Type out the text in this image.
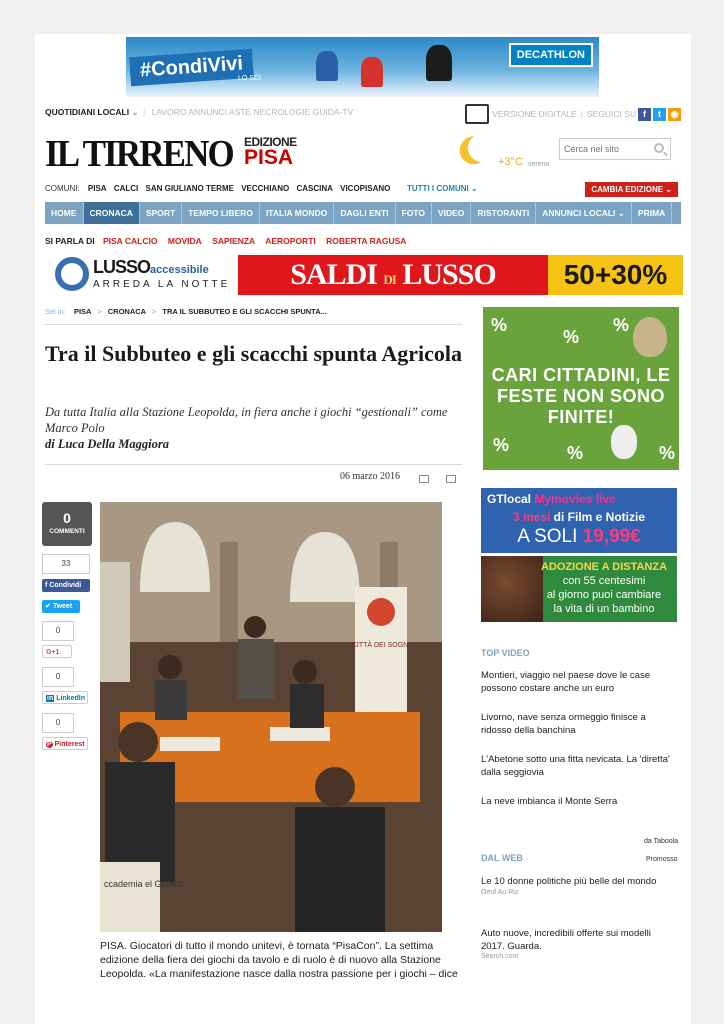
#CondiVivi
LO SCI
DECATHLON
QUOTIDIANI LOCALI ⌄ | LAVORO ANNUNCI ASTE NECROLOGIE GUIDA-TV	VERSIONE DIGITALE | SEGUICI SU f	t	◉
IL TIRRENO EDIZIONE
PISA	+3°C sereno
Cerca nel sito
COMUNI: PISA CALCI SAN GIULIANO TERME VECCHIANO CASCINA VICOPISANO TUTTI I COMUNI ⌄	CAMBIA EDIZIONE ⌄
HOME	CRONACA	SPORT	TEMPO LIBERO	ITALIA MONDO	DAGLI ENTI	FOTO	VIDEO	RISTORANTI	ANNUNCI LOCALI ⌄	PRIMA
SI PARLA DI PISA CALCIO MOVIDA SAPIENZA AEROPORTI ROBERTA RAGUSA
LUSSOaccessibile
ARREDA LA NOTTE	SALDI DI LUSSO	50+30%
Sei in: PISA > CRONACA > TRA IL SUBBUTEO E GLI SCACCHI SPUNTA...
Tra il Subbuteo e gli scacchi spunta Agricola
Da tutta Italia alla Stazione Leopolda, in fiera anche i giochi “gestionali” come Marco Polo
di Luca Della Maggiora
06 marzo 2016
0
COMMENTI
33
f Condividi ✔ Tweet
0
G+1
0
in LinkedIn
0
P Pinterest
CITTÀ DEI SOGNI
ccademia el Giuoco
PISA. Giocatori di tutto il mondo unitevi, è tornata “PisaCon”. La settima edizione della fiera dei giochi da tavolo e di ruolo è di nuovo alla Stazione Leopolda. «La manifestazione nasce dalla nostra passione per i giochi – dice
%
%
%
%	%	%
CARI CITTADINI, LE FESTE NON SONO FINITE!
GTlocal Mymovies live
3 mesi di Film e Notizie
A SOLI 19,99€
ADOZIONE A DISTANZA
con 55 centesimi
al giorno puoi cambiare
la vita di un bambino
TOP VIDEO
Montieri, viaggio nel paese dove le case possono costare anche un euro
Livorno, nave senza ormeggio finisce a ridosso della banchina
L'Abetone sotto una fitta nevicata. La 'diretta' dalla seggiovia
La neve imbianca il Monte Serra
da Taboola
DAL WEB	Promosso
Le 10 donne politiche più belle del mondo
Oeuf Au Riz
Auto nuove, incredibili offerte sui modelli 2017. Guarda.
Search.com
